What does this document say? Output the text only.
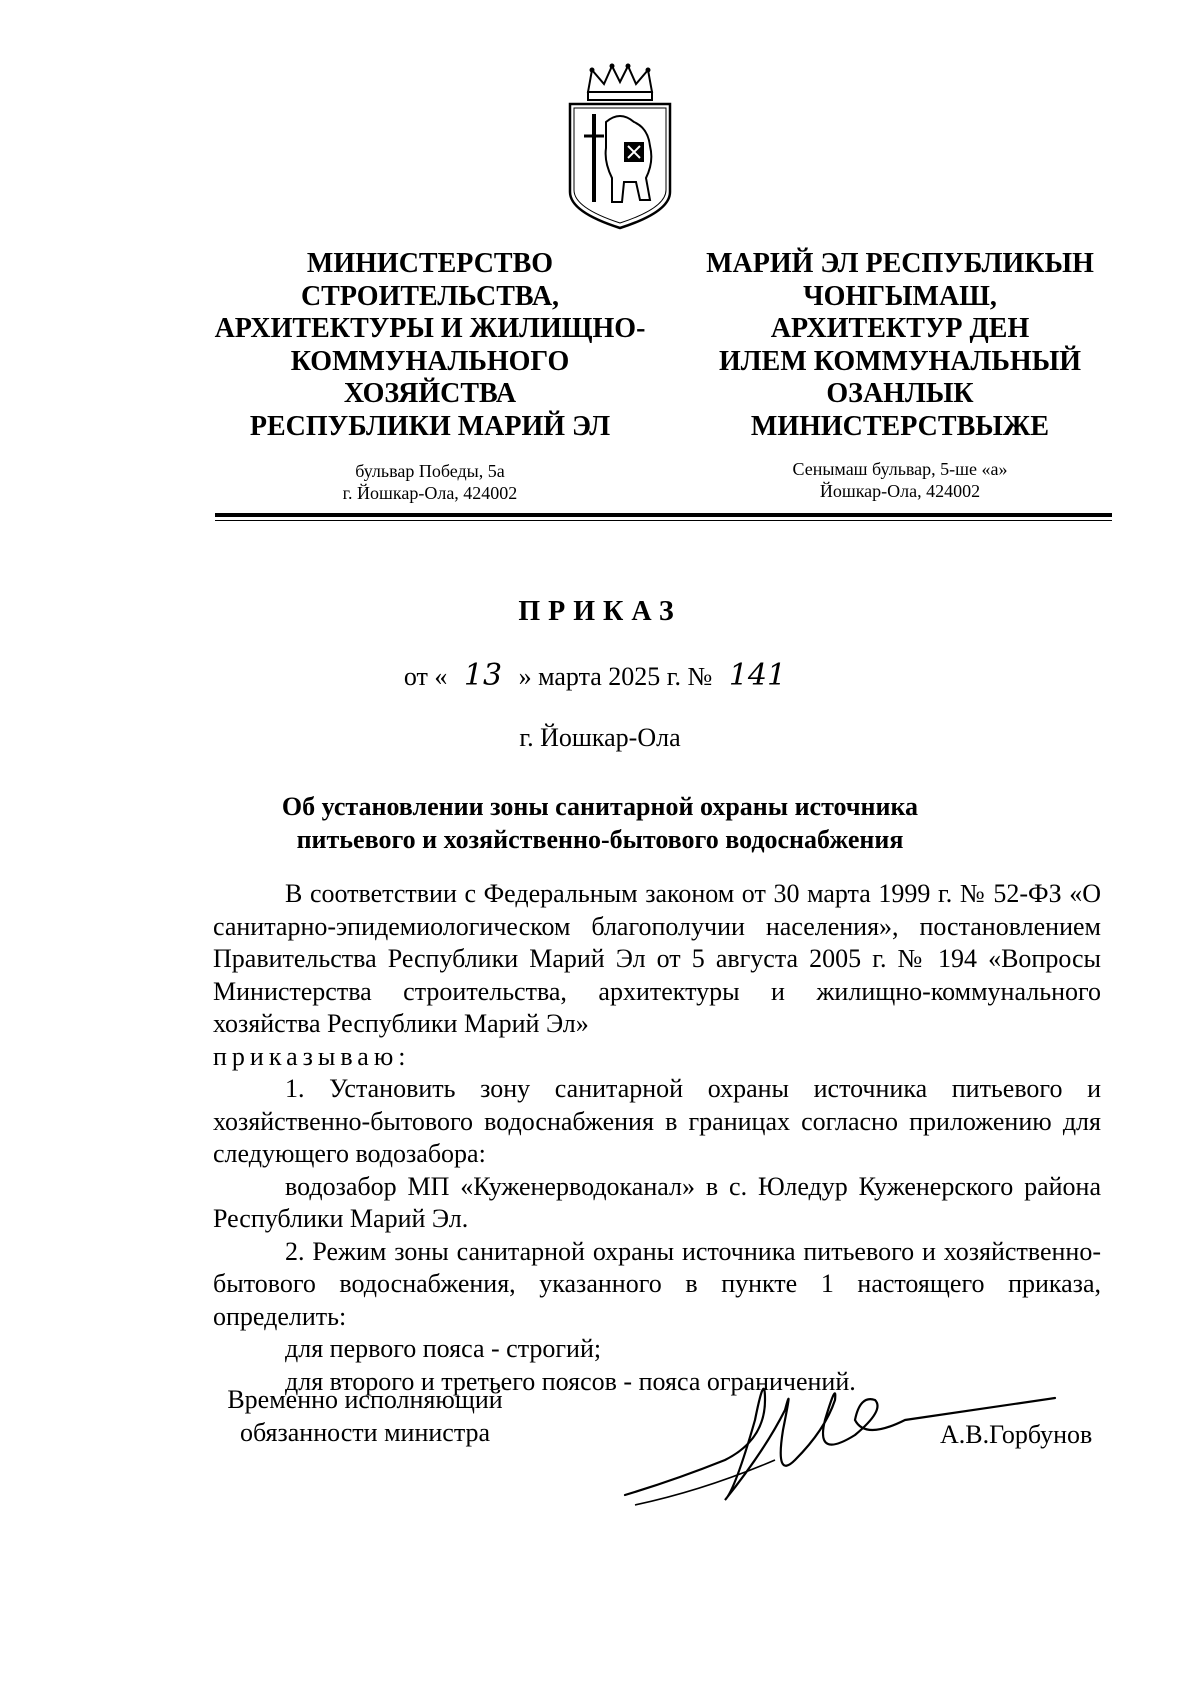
МИНИСТЕРСТВО
СТРОИТЕЛЬСТВА,
АРХИТЕКТУРЫ И ЖИЛИЩНО-
КОММУНАЛЬНОГО
ХОЗЯЙСТВА
РЕСПУБЛИКИ МАРИЙ ЭЛ
МАРИЙ ЭЛ РЕСПУБЛИКЫН
ЧОНГЫМАШ,
АРХИТЕКТУР ДЕН
ИЛЕМ КОММУНАЛЬНЫЙ
ОЗАНЛЫК
МИНИСТЕРСТВЫЖЕ
бульвар Победы, 5а
г. Йошкар-Ола, 424002
Сенымаш бульвар, 5-ше «а»
Йошкар-Ола, 424002
ПРИКАЗ
от « 13 » марта 2025 г. № 141
г. Йошкар-Ола
Об установлении зоны санитарной охраны источника
питьевого и хозяйственно-бытового водоснабжения

В соответствии с Федеральным законом от 30 марта 1999 г. № 52-ФЗ «О санитарно-эпидемиологическом благополучии населения», постановлением Правительства Республики Марий Эл от 5 августа 2005 г. № 194 «Вопросы Министерства строительства, архитектуры и жилищно-коммунального хозяйства Республики Марий Эл»

приказываю:

1. Установить зону санитарной охраны источника питьевого и хозяйственно-бытового водоснабжения в границах согласно приложению для следующего водозабора:

водозабор МП «Куженерводоканал» в с. Юледур Куженерского района Республики Марий Эл.

2. Режим зоны санитарной охраны источника питьевого и хозяйственно-бытового водоснабжения, указанного в пункте 1 настоящего приказа, определить:

для первого пояса - строгий;

для второго и третьего поясов - пояса ограничений.

Временно исполняющий
обязанности министра	А.В.Горбунов
